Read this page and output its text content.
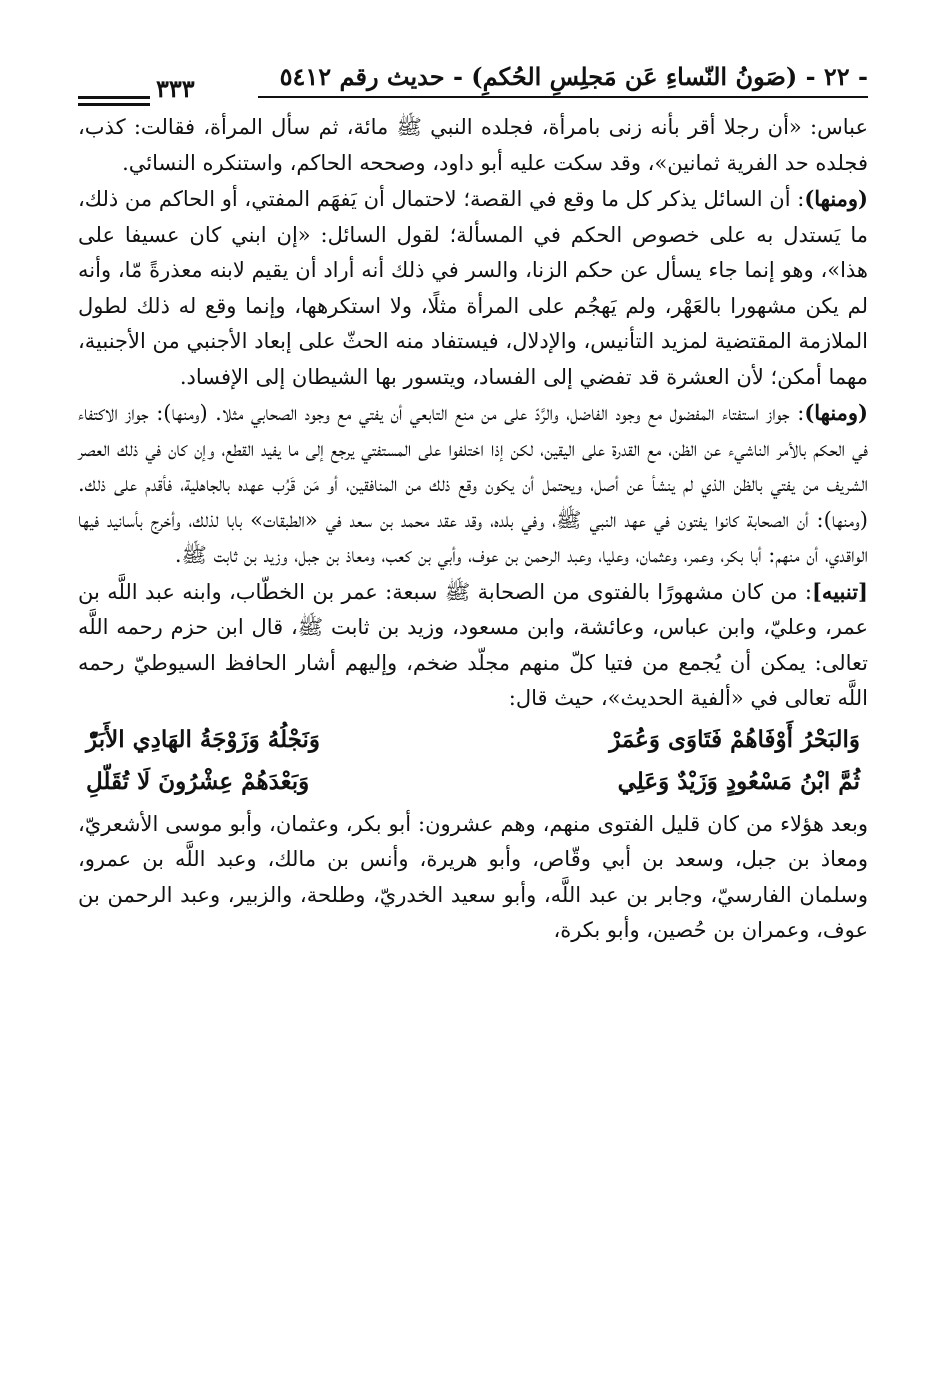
- ٢٢ - (صَونُ النّساءِ عَن مَجلِسِ الحُكمِ) - حديث رقم ٥٤١٢
٣٣٣

عباس: «أن رجلا أقر بأنه زنى بامرأة، فجلده النبي ﷺ مائة، ثم سأل المرأة، فقالت: كذب، فجلده حد الفرية ثمانين»، وقد سكت عليه أبو داود، وصححه الحاكم، واستنكره النسائي.

(ومنها): أن السائل يذكر كل ما وقع في القصة؛ لاحتمال أن يَفهَم المفتي، أو الحاكم من ذلك، ما يَستدل به على خصوص الحكم في المسألة؛ لقول السائل: «إن ابني كان عسيفا على هذا»، وهو إنما جاء يسأل عن حكم الزنا، والسر في ذلك أنه أراد أن يقيم لابنه معذرةً مّا، وأنه لم يكن مشهورا بالعَهْر، ولم يَهجُم على المرأة مثلًا، ولا استكرهها، وإنما وقع له ذلك لطول الملازمة المقتضية لمزيد التأنيس، والإدلال، فيستفاد منه الحثّ على إبعاد الأجنبي من الأجنبية، مهما أمكن؛ لأن العشرة قد تفضي إلى الفساد، ويتسور بها الشيطان إلى الإفساد.

(ومنها): جواز استفتاء المفضول مع وجود الفاضل، والرَّدّ على من منع التابعي أن يفتي مع وجود الصحابي مثلا. (ومنها): جواز الاكتفاء في الحكم بالأمر الناشيء عن الظن، مع القدرة على اليقين، لكن إذا اختلفوا على المستفتي يرجع إلى ما يفيد القطع، وإن كان في ذلك العصر الشريف من يفتي بالظن الذي لم ينشأ عن أصل، ويحتمل أن يكون وقع ذلك من المنافقين، أو مَن قَرُب عهده بالجاهلية، فأقدم على ذلك. (ومنها): أن الصحابة كانوا يفتون في عهد النبي ﷺ، وفي بلده، وقد عقد محمد بن سعد في «الطبقات» بابا لذلك، وأخرج بأسانيد فيها الواقدي، أن منهم: أبا بكر، وعمر، وعثمان، وعليا، وعبد الرحمن بن عوف، وأبي بن كعب، ومعاذ بن جبل، وزيد بن ثابت ﷺ.

[تنبيه]: من كان مشهورًا بالفتوى من الصحابة ﷺ سبعة: عمر بن الخطّاب، وابنه عبد اللَّه بن عمر، وعليّ، وابن عباس، وعائشة، وابن مسعود، وزيد بن ثابت ﷺ، قال ابن حزم رحمه اللَّه تعالى: يمكن أن يُجمع من فتيا كلّ منهم مجلّد ضخم، وإليهم أشار الحافظ السيوطيّ رحمه اللَّه تعالى في «ألفية الحديث»، حيث قال:

وَالبَحْرُ أَوْفَاهُمْ فَتَاوَى وَعُمَرْ
وَنَجْلُهُ وَزَوْجَةُ الهَادِي الأَبَرّْ
ثُمَّ ابْنُ مَسْعُودٍ وَزَيْدٌ وَعَلِي
وَبَعْدَهُمْ عِشْرُونَ لَا تُقَلّلِ

وبعد هؤلاء من كان قليل الفتوى منهم، وهم عشرون: أبو بكر، وعثمان، وأبو موسى الأشعريّ، ومعاذ بن جبل، وسعد بن أبي وقّاص، وأبو هريرة، وأنس بن مالك، وعبد اللَّه بن عمرو، وسلمان الفارسيّ، وجابر بن عبد اللَّه، وأبو سعيد الخدريّ، وطلحة، والزبير، وعبد الرحمن بن عوف، وعمران بن حُصين، وأبو بكرة،
